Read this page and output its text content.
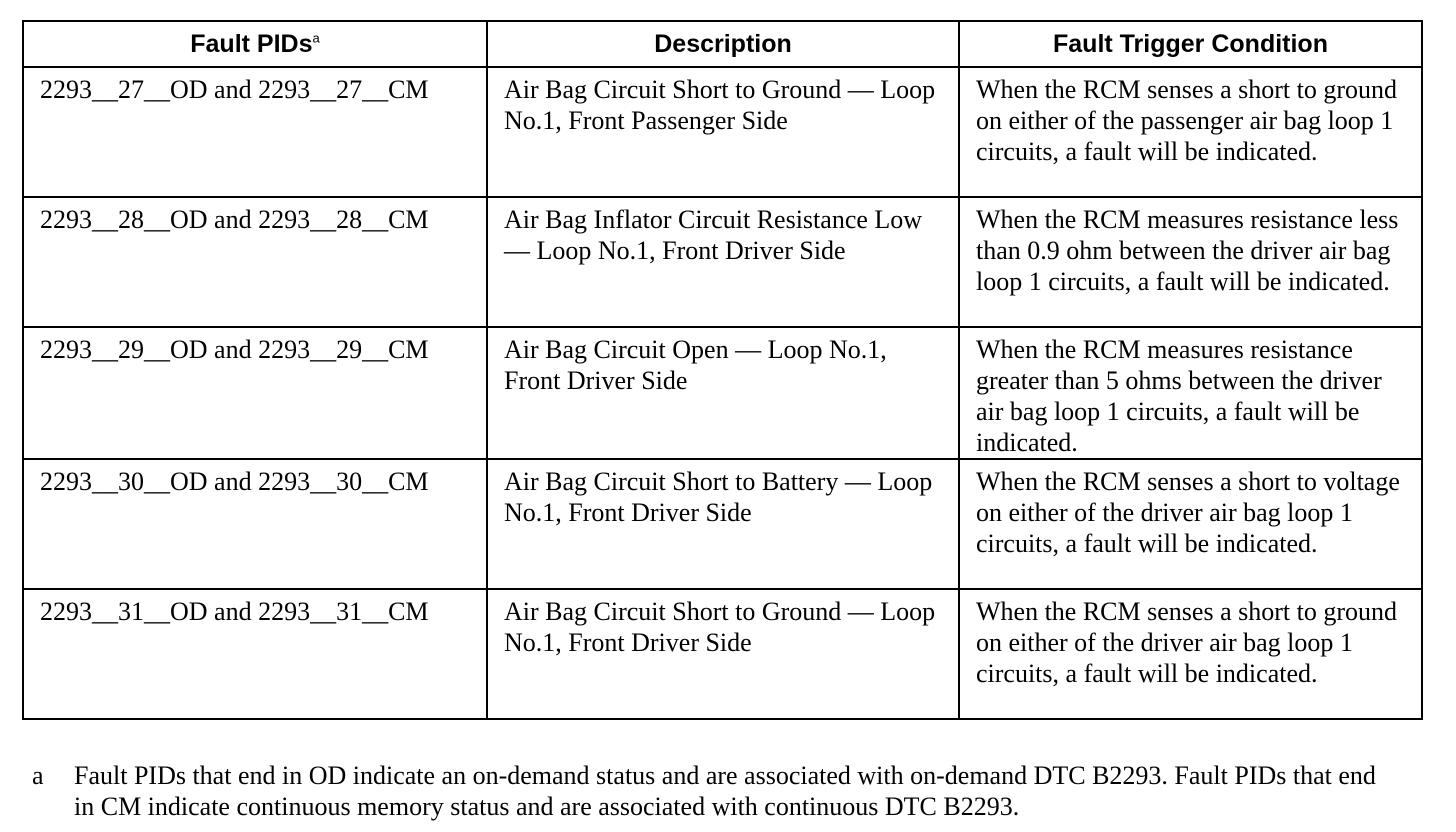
Fault PIDs$^a$	Description	Fault Trigger Condition
2293__27__OD and 2293__27__CM	Air Bag Circuit Short to Ground — Loop No.1, Front Passenger Side	When the RCM senses a short to ground on either of the passenger air bag loop 1 circuits, a fault will be indicated.
2293__28__OD and 2293__28__CM	Air Bag Inflator Circuit Resistance Low — Loop No.1, Front Driver Side	When the RCM measures resistance less than 0.9 ohm between the driver air bag loop 1 circuits, a fault will be indicated.
2293__29__OD and 2293__29__CM	Air Bag Circuit Open — Loop No.1, Front Driver Side	When the RCM measures resistance greater than 5 ohms between the driver air bag loop 1 circuits, a fault will be indicated.
2293__30__OD and 2293__30__CM	Air Bag Circuit Short to Battery — Loop No.1, Front Driver Side	When the RCM senses a short to voltage on either of the driver air bag loop 1 circuits, a fault will be indicated.
2293__31__OD and 2293__31__CM	Air Bag Circuit Short to Ground — Loop No.1, Front Driver Side	When the RCM senses a short to ground on either of the driver air bag loop 1 circuits, a fault will be indicated.
a	Fault PIDs that end in OD indicate an on-demand status and are associated with on-demand DTC B2293. Fault PIDs that end in CM indicate continuous memory status and are associated with continuous DTC B2293.
